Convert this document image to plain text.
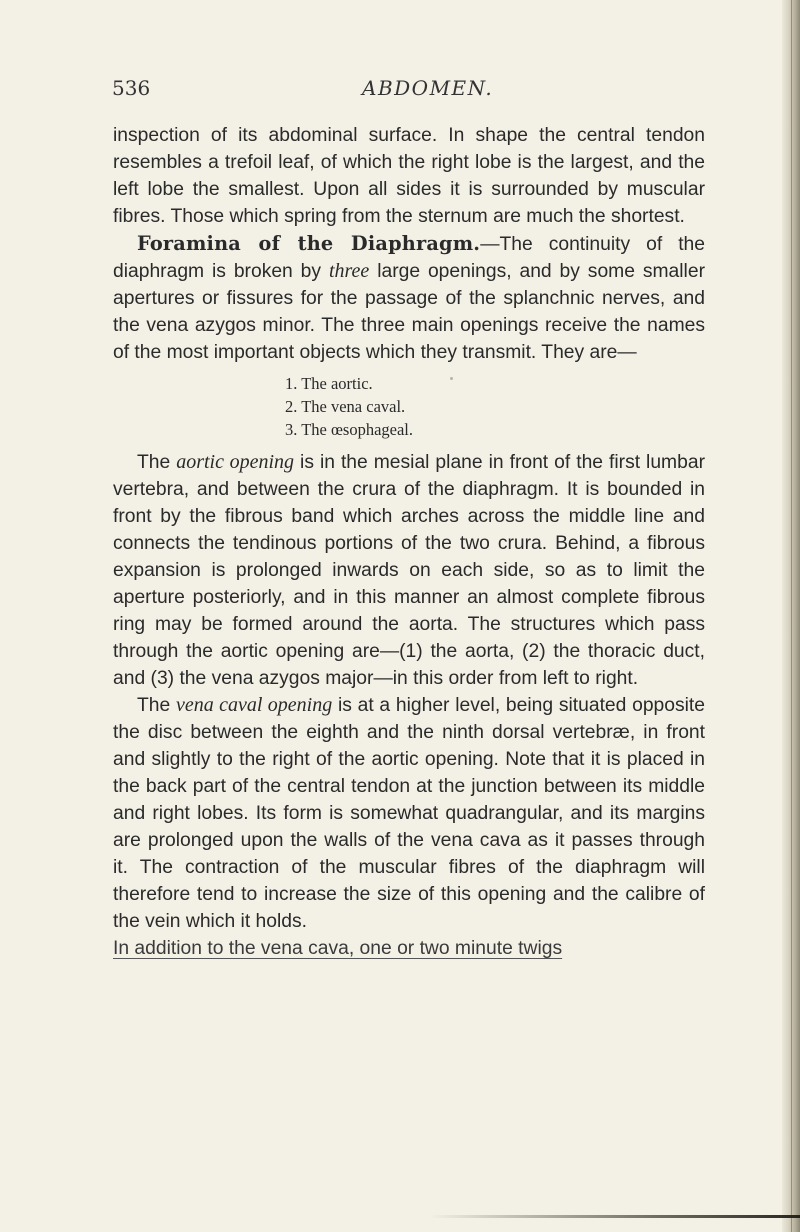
536	ABDOMEN.

inspection of its abdominal surface. In shape the central tendon resembles a trefoil leaf, of which the right lobe is the largest, and the left lobe the smallest. Upon all sides it is surrounded by muscular fibres. Those which spring from the sternum are much the shortest.

Foramina of the Diaphragm.—The continuity of the diaphragm is broken by three large openings, and by some smaller apertures or fissures for the passage of the splanchnic nerves, and the vena azygos minor. The three main openings receive the names of the most important objects which they transmit. They are—

1. The aortic.
2. The vena caval.
3. The œsophageal.

The aortic opening is in the mesial plane in front of the first lumbar vertebra, and between the crura of the diaphragm. It is bounded in front by the fibrous band which arches across the middle line and connects the tendinous portions of the two crura. Behind, a fibrous expansion is prolonged inwards on each side, so as to limit the aperture posteriorly, and in this manner an almost complete fibrous ring may be formed around the aorta. The structures which pass through the aortic opening are—(1) the aorta, (2) the thoracic duct, and (3) the vena azygos major—in this order from left to right.

The vena caval opening is at a higher level, being situated opposite the disc between the eighth and the ninth dorsal vertebræ, in front and slightly to the right of the aortic opening. Note that it is placed in the back part of the central tendon at the junction between its middle and right lobes. Its form is somewhat quadrangular, and its margins are prolonged upon the walls of the vena cava as it passes through it. The contraction of the muscular fibres of the diaphragm will therefore tend to increase the size of this opening and the calibre of the vein which it holds.

In addition to the vena cava, one or two minute twigs
